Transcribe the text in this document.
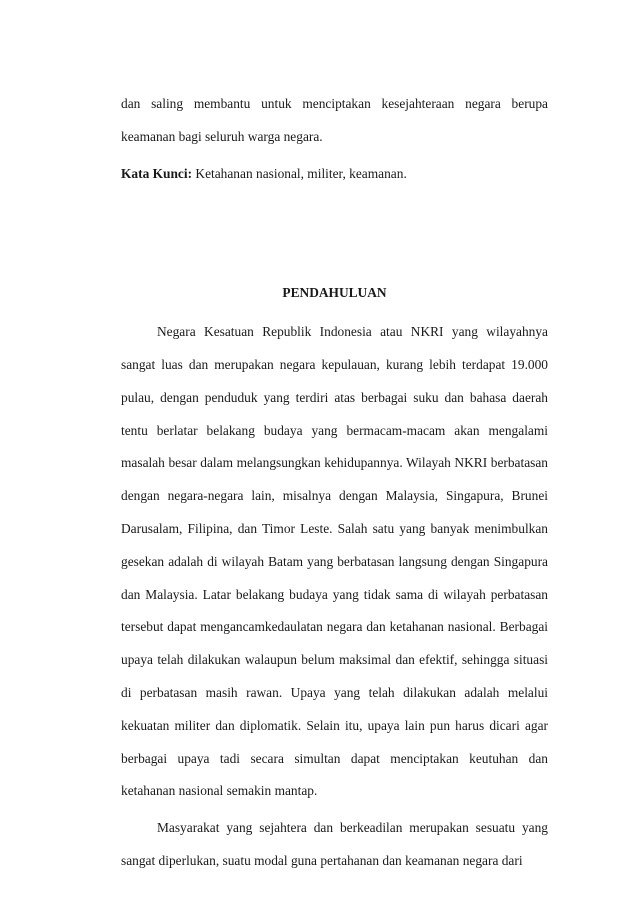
dan saling membantu untuk menciptakan kesejahteraan negara berupa keamanan bagi seluruh warga negara.

Kata Kunci: Ketahanan nasional, militer, keamanan.

PENDAHULUAN

Negara Kesatuan Republik Indonesia atau NKRI yang wilayahnya sangat luas dan merupakan negara kepulauan, kurang lebih terdapat 19.000 pulau, dengan penduduk yang terdiri atas berbagai suku dan bahasa daerah tentu berlatar belakang budaya yang bermacam-macam akan mengalami masalah besar dalam melangsungkan kehidupannya. Wilayah NKRI berbatasan dengan negara-negara lain, misalnya dengan Malaysia, Singapura, Brunei Darusalam, Filipina, dan Timor Leste. Salah satu yang banyak menimbulkan gesekan adalah di wilayah Batam yang berbatasan langsung dengan Singapura dan Malaysia. Latar belakang budaya yang tidak sama di wilayah perbatasan tersebut dapat mengancamkedaulatan negara dan ketahanan nasional. Berbagai upaya telah dilakukan walaupun belum maksimal dan efektif, sehingga situasi di perbatasan masih rawan. Upaya yang telah dilakukan adalah melalui kekuatan militer dan diplomatik. Selain itu, upaya lain pun harus dicari agar berbagai upaya tadi secara simultan dapat menciptakan keutuhan dan ketahanan nasional semakin mantap.

Masyarakat yang sejahtera dan berkeadilan merupakan sesuatu yang sangat diperlukan, suatu modal guna pertahanan dan keamanan negara dari
